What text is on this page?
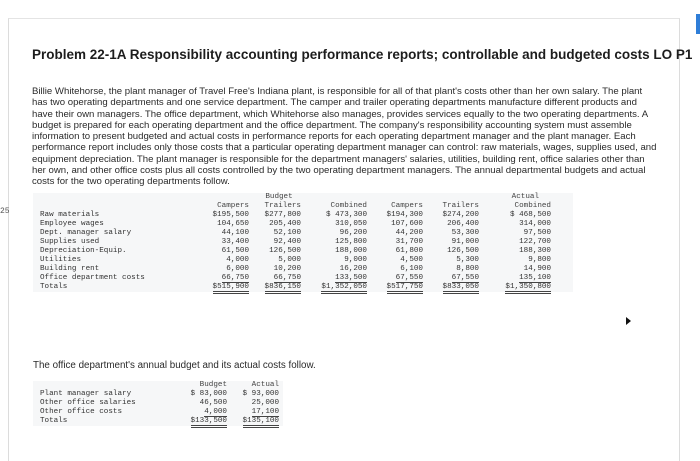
25
Problem 22-1A Responsibility accounting performance reports; controllable and budgeted costs LO P1
Billie Whitehorse, the plant manager of Travel Free's Indiana plant, is responsible for all of that plant's costs other than her own salary. The plant has two operating departments and one service department. The camper and trailer operating departments manufacture different products and have their own managers. The office department, which Whitehorse also manages, provides services equally to the two operating departments. A budget is prepared for each operating department and the office department. The company's responsibility accounting system must assemble information to present budgeted and actual costs in performance reports for each operating department manager and the plant manager. Each performance report includes only those costs that a particular operating department manager can control: raw materials, wages, supplies used, and equipment depreciation. The plant manager is responsible for the department managers' salaries, utilities, building rent, office salaries other than her own, and other office costs plus all costs controlled by the two operating department managers. The annual departmental budgets and actual costs for the two operating departments follow.
	Budget			Actual		
	Campers	Trailers	Combined	Campers	Trailers	Combined
Raw materials	$195,500	$277,800	$ 473,300	$194,300	$274,200	$ 468,500
Employee wages	104,650	205,400	310,050	107,600	206,400	314,000
Dept. manager salary	44,100	52,100	96,200	44,200	53,300	97,500
Supplies used	33,400	92,400	125,800	31,700	91,000	122,700
Depreciation-Equip.	61,500	126,500	188,000	61,800	126,500	188,300
Utilities	4,000	5,000	9,000	4,500	5,300	9,800
Building rent	6,000	10,200	16,200	6,100	8,800	14,900
Office department costs	66,750	66,750	133,500	67,550	67,550	135,100
Totals	$515,900	$836,150	$1,352,050	$517,750	$833,050	$1,350,800
The office department's annual budget and its actual costs follow.
	Budget	Actual
Plant manager salary	$ 83,000	$ 93,000
Other office salaries	46,500	25,000
Other office costs	4,000	17,100
Totals	$133,500	$135,100
